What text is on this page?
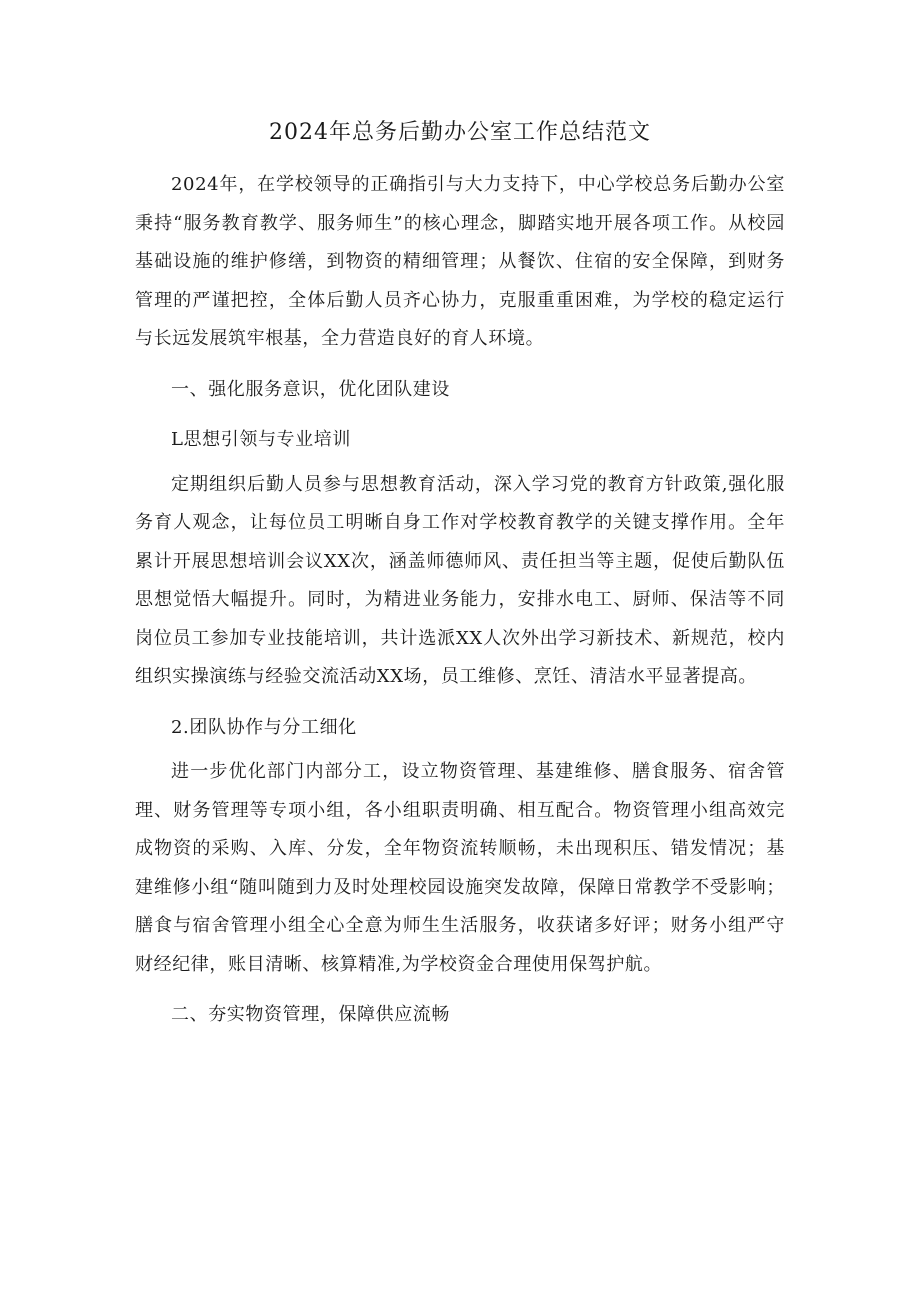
2024年总务后勤办公室工作总结范文

2024年，在学校领导的正确指引与大力支持下，中心学校总务后勤办公室秉持“服务教育教学、服务师生”的核心理念，脚踏实地开展各项工作。从校园基础设施的维护修缮，到物资的精细管理；从餐饮、住宿的安全保障，到财务管理的严谨把控，全体后勤人员齐心协力，克服重重困难，为学校的稳定运行与长远发展筑牢根基，全力营造良好的育人环境。

一、强化服务意识，优化团队建设

L思想引领与专业培训

定期组织后勤人员参与思想教育活动，深入学习党的教育方针政策,强化服务育人观念，让每位员工明晰自身工作对学校教育教学的关键支撑作用。全年累计开展思想培训会议XX次，涵盖师德师风、责任担当等主题，促使后勤队伍思想觉悟大幅提升。同时，为精进业务能力，安排水电工、厨师、保洁等不同岗位员工参加专业技能培训，共计选派XX人次外出学习新技术、新规范，校内组织实操演练与经验交流活动XX场，员工维修、烹饪、清洁水平显著提高。

2.团队协作与分工细化

进一步优化部门内部分工，设立物资管理、基建维修、膳食服务、宿舍管理、财务管理等专项小组，各小组职责明确、相互配合。物资管理小组高效完成物资的采购、入库、分发，全年物资流转顺畅，未出现积压、错发情况；基建维修小组“随叫随到力及时处理校园设施突发故障，保障日常教学不受影响；膳食与宿舍管理小组全心全意为师生生活服务，收获诸多好评；财务小组严守财经纪律，账目清晰、核算精准,为学校资金合理使用保驾护航。

二、夯实物资管理，保障供应流畅
